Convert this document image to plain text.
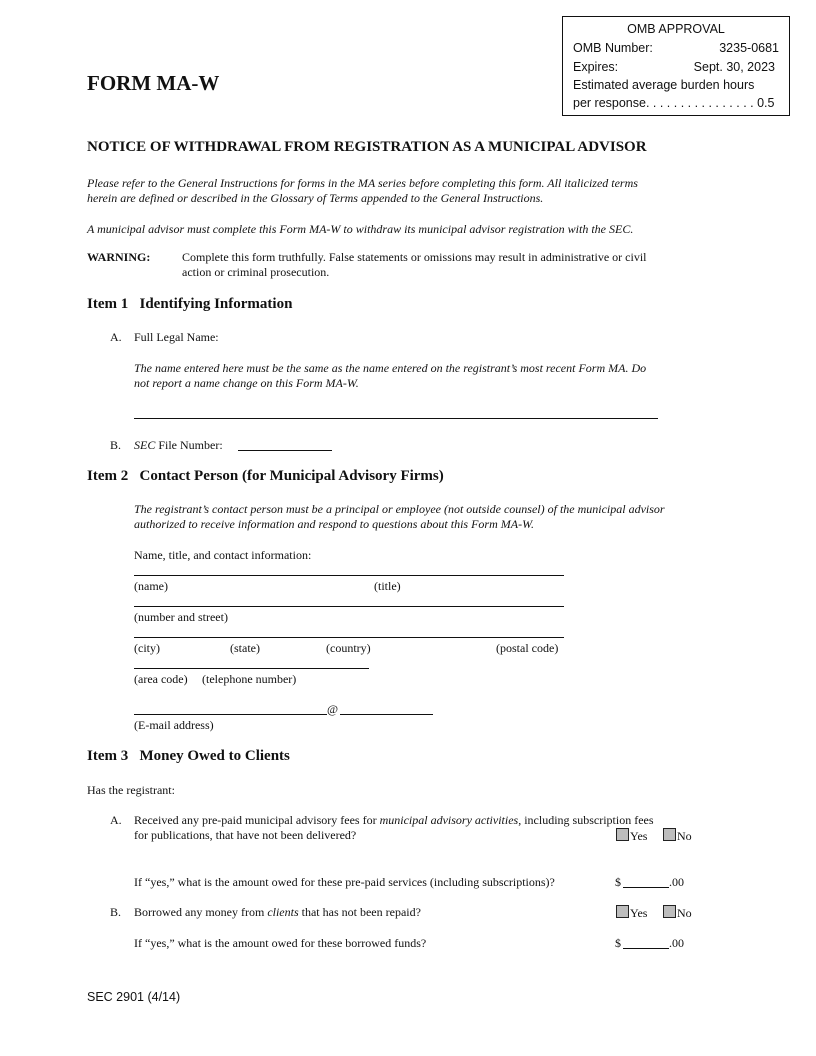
OMB APPROVAL
OMB Number:	3235-0681
Expires:	Sept. 30, 2023
Estimated average burden hours
per response. . . . . . . . . . . . . . . . 0.5
FORM MA-W
NOTICE OF WITHDRAWAL FROM REGISTRATION AS A MUNICIPAL ADVISOR
Please refer to the General Instructions for forms in the MA series before completing this form. All italicized terms
herein are defined or described in the Glossary of Terms appended to the General Instructions.
A municipal advisor must complete this Form MA-W to withdraw its municipal advisor registration with the SEC.
WARNING:	Complete this form truthfully. False statements or omissions may result in administrative or civil
action or criminal prosecution.
Item 1   Identifying Information
A. Full Legal Name:
The name entered here must be the same as the name entered on the registrant’s most recent Form MA. Do
not report a name change on this Form MA-W.
B. SEC File Number:
Item 2   Contact Person (for Municipal Advisory Firms)
The registrant’s contact person must be a principal or employee (not outside counsel) of the municipal advisor
authorized to receive information and respond to questions about this Form MA-W.
Name, title, and contact information:
(name)	(title)
(number and street)
(city)	(state)	(country)	(postal code)
(area code) (telephone number)
@
(E-mail address)
Item 3   Money Owed to Clients
Has the registrant:
A. Received any pre-paid municipal advisory fees for municipal advisory activities, including subscription fees
for publications, that have not been delivered?	Yes	No
If “yes,” what is the amount owed for these pre-paid services (including subscriptions)?	$	.00
B. Borrowed any money from clients that has not been repaid?	Yes	No
If “yes,” what is the amount owed for these borrowed funds?	$	.00
SEC 2901 (4/14)
